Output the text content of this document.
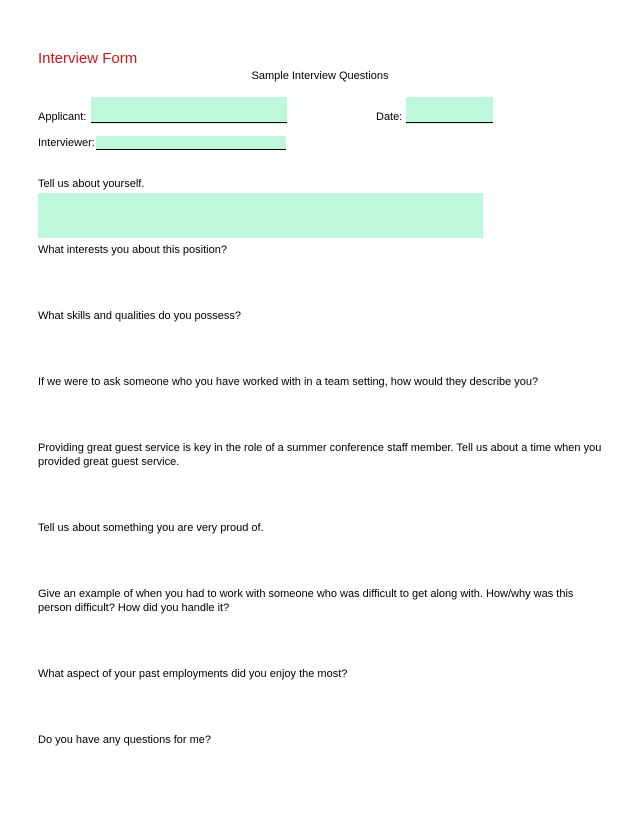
Interview Form
Sample Interview Questions
Applicant:	Date:
Interviewer:
Tell us about yourself.
What interests you about this position?
What skills and qualities do you possess?
If we were to ask someone who you have worked with in a team setting, how would they describe you?
Providing great guest service is key in the role of a summer conference staff member. Tell us about a time when you provided great guest service.
Tell us about something you are very proud of.
Give an example of when you had to work with someone who was difficult to get along with. How/why was this person difficult? How did you handle it?
What aspect of your past employments did you enjoy the most?
Do you have any questions for me?
